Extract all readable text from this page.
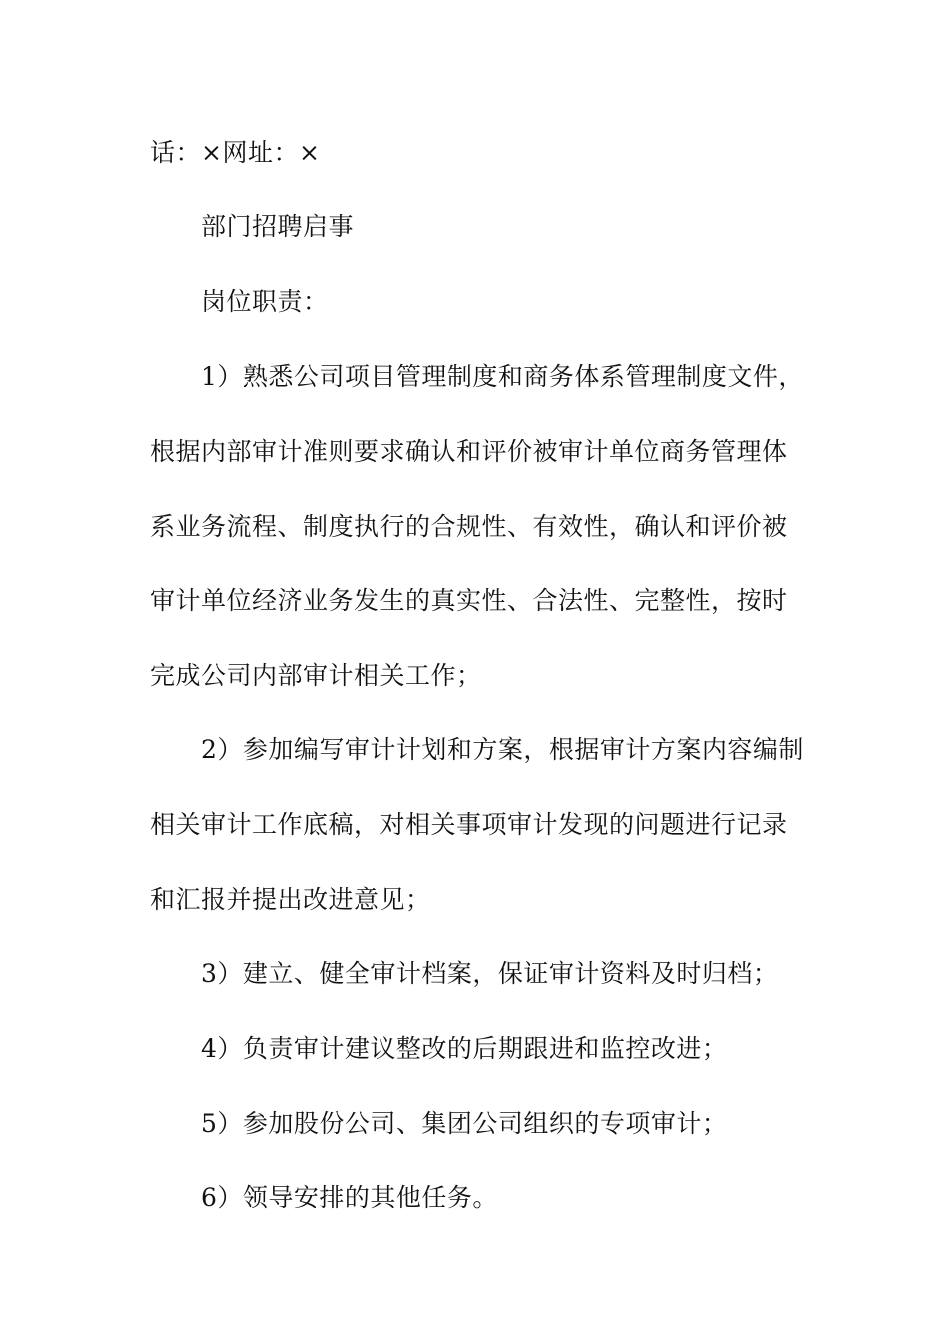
话：×网址：×
部门招聘启事
岗位职责：
1）熟悉公司项目管理制度和商务体系管理制度文件，
根据内部审计准则要求确认和评价被审计单位商务管理体
系业务流程、制度执行的合规性、有效性，确认和评价被
审计单位经济业务发生的真实性、合法性、完整性，按时
完成公司内部审计相关工作；
2）参加编写审计计划和方案，根据审计方案内容编制
相关审计工作底稿，对相关事项审计发现的问题进行记录
和汇报并提出改进意见；
3）建立、健全审计档案，保证审计资料及时归档；
4）负责审计建议整改的后期跟进和监控改进；
5）参加股份公司、集团公司组织的专项审计；
6）领导安排的其他任务。
